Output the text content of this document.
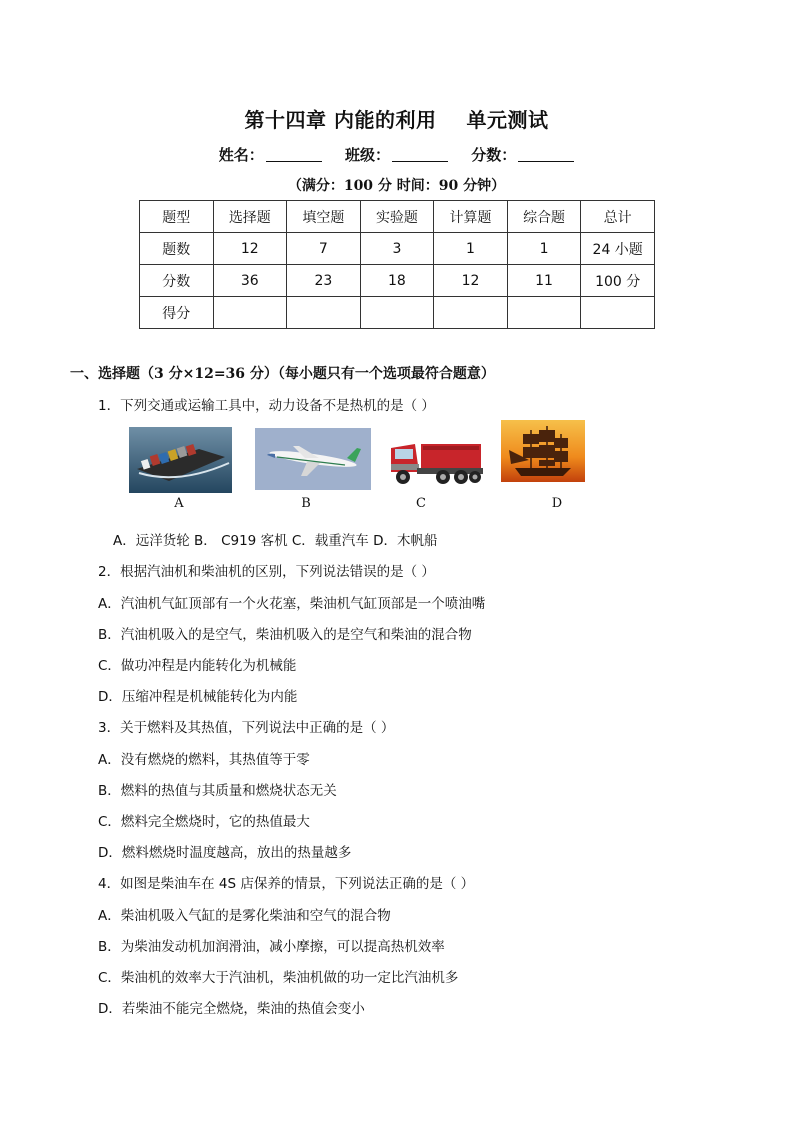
第十四章 内能的利用 单元测试
姓名：	班级：	分数：
（满分：100 分 时间：90 分钟）
题型	选择题	填空题	实验题	计算题	综合题	总计
题数	12	7	3	1	1	24 小题
分数	36	23	18	12	11	100 分
得分						
一、选择题（3 分×12=36 分）（每小题只有一个选项最符合题意）
1．下列交通或运输工具中，动力设备不是热机的是（ ）
A	B	C	D
A．远洋货轮 B． C919 客机 C．载重汽车 D．木帆船
2．根据汽油机和柴油机的区别，下列说法错误的是（ ）
A．汽油机气缸顶部有一个火花塞，柴油机气缸顶部是一个喷油嘴
B．汽油机吸入的是空气，柴油机吸入的是空气和柴油的混合物
C．做功冲程是内能转化为机械能
D．压缩冲程是机械能转化为内能
3．关于燃料及其热值，下列说法中正确的是（ ）
A．没有燃烧的燃料，其热值等于零
B．燃料的热值与其质量和燃烧状态无关
C．燃料完全燃烧时，它的热值最大
D．燃料燃烧时温度越高，放出的热量越多
4．如图是柴油车在 4S 店保养的情景，下列说法正确的是（ ）
A．柴油机吸入气缸的是雾化柴油和空气的混合物
B．为柴油发动机加润滑油，减小摩擦，可以提高热机效率
C．柴油机的效率大于汽油机，柴油机做的功一定比汽油机多
D．若柴油不能完全燃烧，柴油的热值会变小
